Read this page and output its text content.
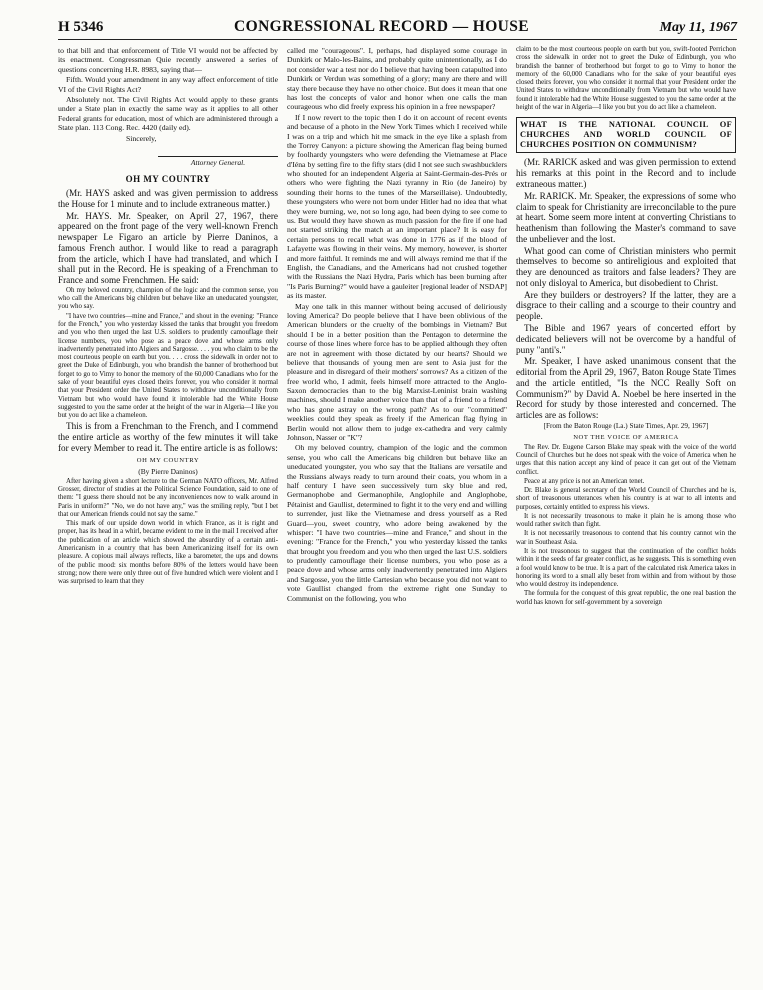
H 5346	CONGRESSIONAL RECORD — HOUSE	May 11, 1967

to that bill and that enforcement of Title VI would not be affected by its enactment. Congressman Quie recently answered a series of questions concerning H.R. 8983, saying that—

Fifth. Would your amendment in any way affect enforcement of title VI of the Civil Rights Act?

Absolutely not. The Civil Rights Act would apply to these grants under a State plan in exactly the same way as it applies to all other Federal grants for education, most of which are administered through a State plan. 113 Cong. Rec. 4420 (daily ed).

Sincerely,

Attorney General.
OH MY COUNTRY

(Mr. HAYS asked and was given permission to address the House for 1 minute and to include extraneous matter.)

Mr. HAYS. Mr. Speaker, on April 27, 1967, there appeared on the front page of the very well-known French newspaper Le Figaro an article by Pierre Daninos, a famous French author. I would like to read a paragraph from the article, which I have had translated, and which I shall put in the Record. He is speaking of a Frenchman to France and some Frenchmen. He said:

Oh my beloved country, champion of the logic and the common sense, you who call the Americans big children but behave like an uneducated youngster, you who say.

"I have two countries—mine and France," and shout in the evening: "France for the French," you who yesterday kissed the tanks that brought you freedom and you who then urged the last U.S. soldiers to prudently camouflage their license numbers, you who pose as a peace dove and whose arms only inadvertently penetrated into Algiers and Sargosse. . . . you who claim to be the most courteous people on earth but you. . . . cross the sidewalk in order not to greet the Duke of Edinburgh, you who brandish the banner of brotherhood but forget to go to Vimy to honor the memory of the 60,000 Canadians who for the sake of your beautiful eyes closed theirs forever, you who consider it normal that your President order the United States to withdraw unconditionally from Vietnam but who would have found it intolerable had the White House suggested to you the same order at the height of the war in Algeria—I like you but you do act like a chameleon.

This is from a Frenchman to the French, and I commend the entire article as worthy of the few minutes it will take for every Member to read it. The entire article is as follows:

OH MY COUNTRY
(By Pierre Daninos)

After having given a short lecture to the German NATO officers, Mr. Alfred Grosser, director of studies at the Political Science Foundation, said to one of them: "I guess there should not be any inconveniences now to walk around in Paris in uniform?" "No, we do not have any," was the smiling reply, "but I bet that our American friends could not say the same."

This mark of our upside down world in which France, as it is right and proper, has its head in a whirl, became evident to me in the mail I received after the publication of an article which showed the absurdity of a certain anti-Americanism in a country that has been Americanizing itself for its own pleasure. A copious mail always reflects, like a barometer, the ups and downs of the public mood: six months before 80% of the letters would have been strong; now there were only three out of five hundred which were violent and I was surprised to learn that they

called me "courageous". I, perhaps, had displayed some courage in Dunkirk or Malo-les-Bains, and probably quite unintentionally, as I do not consider war a test nor do I believe that having been catapulted into Dunkirk or Verdun was something of a glory; many are there and will stay there because they have no other choice. But does it mean that one has lost the concepts of valor and honor when one calls the man courageous who did freely express his opinion in a free newspaper?

If I now revert to the topic then I do it on account of recent events and because of a photo in the New York Times which I received while I was on a trip and which hit me smack in the eye like a splash from the Torrey Canyon: a picture showing the American flag being burned by foolhardy youngsters who were defending the Vietnamese at Place d'Iéna by setting fire to the fifty stars (did I not see such swashbucklers who shouted for an independent Algeria at Saint-Germain-des-Prés or others who were fighting the Nazi tyranny in Rio (de Janeiro) by sounding their horns to the tunes of the Marseillaise). Undoubtedly, these youngsters who were not born under Hitler had no idea that what they were burning, we, not so long ago, had been dying to see come to us. But would they have shown as much passion for the fire if one had not started striking the match at an important place? It is easy for certain persons to recall what was done in 1776 as if the blood of Lafayette was flowing in their veins. My memory, however, is shorter and more faithful. It reminds me and will always remind me that if the English, the Canadians, and the Americans had not crushed together with the Russians the Nazi Hydra, Paris which has been burning after "Is Paris Burning?" would have a gauleiter [regional leader of NSDAP] as its master.

May one talk in this manner without being accused of deliriously loving America? Do people believe that I have been oblivious of the American blunders or the cruelty of the bombings in Vietnam? But should I be in a better position than the Pentagon to determine the course of those lines where force has to be applied although they often are not in agreement with those dictated by our hearts? Should we believe that thousands of young men are sent to Asia just for the pleasure and in disregard of their mothers' sorrows? As a citizen of the free world who, I admit, feels himself more attracted to the Anglo-Saxon democracies than to the big Marxist-Leninist brain washing machines, should I make another voice than that of a friend to a friend who has gone astray on the wrong path? As to our "committed" weeklies could they speak as freely if the American flag flying in Berlin would not allow them to judge ex-cathedra and very calmly Johnson, Nasser or "K"?

Oh my beloved country, champion of the logic and the common sense, you who call the Americans big children but behave like an uneducated youngster, you who say that the Italians are versatile and the Russians always ready to turn around their coats, you whom in a half century I have seen successively turn sky blue and red, Germanophobe and Germanophile, Anglophile and Anglophobe, Pétainist and Gaullist, determined to fight it to the very end and willing to surrender, just like the Vietnamese and dress yourself as a Red Guard—you, sweet country, who adore being awakened by the whisper: "I have two countries—mine and France," and shout in the evening: "France for the French," you who yesterday kissed the tanks that brought you freedom and you who then urged the last U.S. soldiers to prudently camouflage their license numbers, you who pose as a peace dove and whose arms only inadvertently penetrated into Algiers and Sargosse, you the little Cartesian who because you did not want to vote Gaullist changed from the extreme right one Sunday to Communist on the following, you who

claim to be the most courteous people on earth but you, swift-footed Perrichon cross the sidewalk in order not to greet the Duke of Edinburgh, you who brandish the banner of brotherhood but forget to go to Vimy to honor the memory of the 60,000 Canadians who for the sake of your beautiful eyes closed theirs forever, you who consider it normal that your President order the United States to withdraw unconditionally from Vietnam but who would have found it intolerable had the White House suggested to you the same order at the height of the war in Algeria—I like you but you do act like a chameleon.

WHAT IS THE NATIONAL COUNCIL OF CHURCHES AND WORLD COUNCIL OF CHURCHES POSITION ON COMMUNISM?

(Mr. RARICK asked and was given permission to extend his remarks at this point in the Record and to include extraneous matter.)

Mr. RARICK. Mr. Speaker, the expressions of some who claim to speak for Christianity are irreconcilable to the pure at heart. Some seem more intent at converting Christians to heathenism than following the Master's command to save the unbeliever and the lost.

What good can come of Christian ministers who permit themselves to become so antireligious and exploited that they are denounced as traitors and false leaders? They are not only disloyal to America, but disobedient to Christ.

Are they builders or destroyers? If the latter, they are a disgrace to their calling and a scourge to their country and people.

The Bible and 1967 years of concerted effort by dedicated believers will not be overcome by a handful of puny "anti's."

Mr. Speaker, I have asked unanimous consent that the editorial from the April 29, 1967, Baton Rouge State Times and the article entitled, "Is the NCC Really Soft on Communism?" by David A. Noebel be here inserted in the Record for study by those interested and concerned. The articles are as follows:

[From the Baton Rouge (La.) State Times, Apr. 29, 1967]
NOT THE VOICE OF AMERICA

The Rev. Dr. Eugene Carson Blake may speak with the voice of the world Council of Churches but he does not speak with the voice of America when he urges that this nation accept any kind of peace it can get out of the Vietnam conflict.

Peace at any price is not an American tenet.

Dr. Blake is general secretary of the World Council of Churches and he is, short of treasonous utterances when his country is at war to all intents and purposes, certainly entitled to express his views.

It is not necessarily treasonous to make it plain he is among those who would rather switch than fight.

It is not necessarily treasonous to contend that his country cannot win the war in Southeast Asia.

It is not treasonous to suggest that the continuation of the conflict holds within it the seeds of far greater conflict, as he suggests. This is something even a fool would know to be true. It is a part of the calculated risk America takes in honoring its word to a small ally beset from within and from without by those who would destroy its independence.

The formula for the conquest of this great republic, the one real bastion the world has known for self-government by a sovereign
